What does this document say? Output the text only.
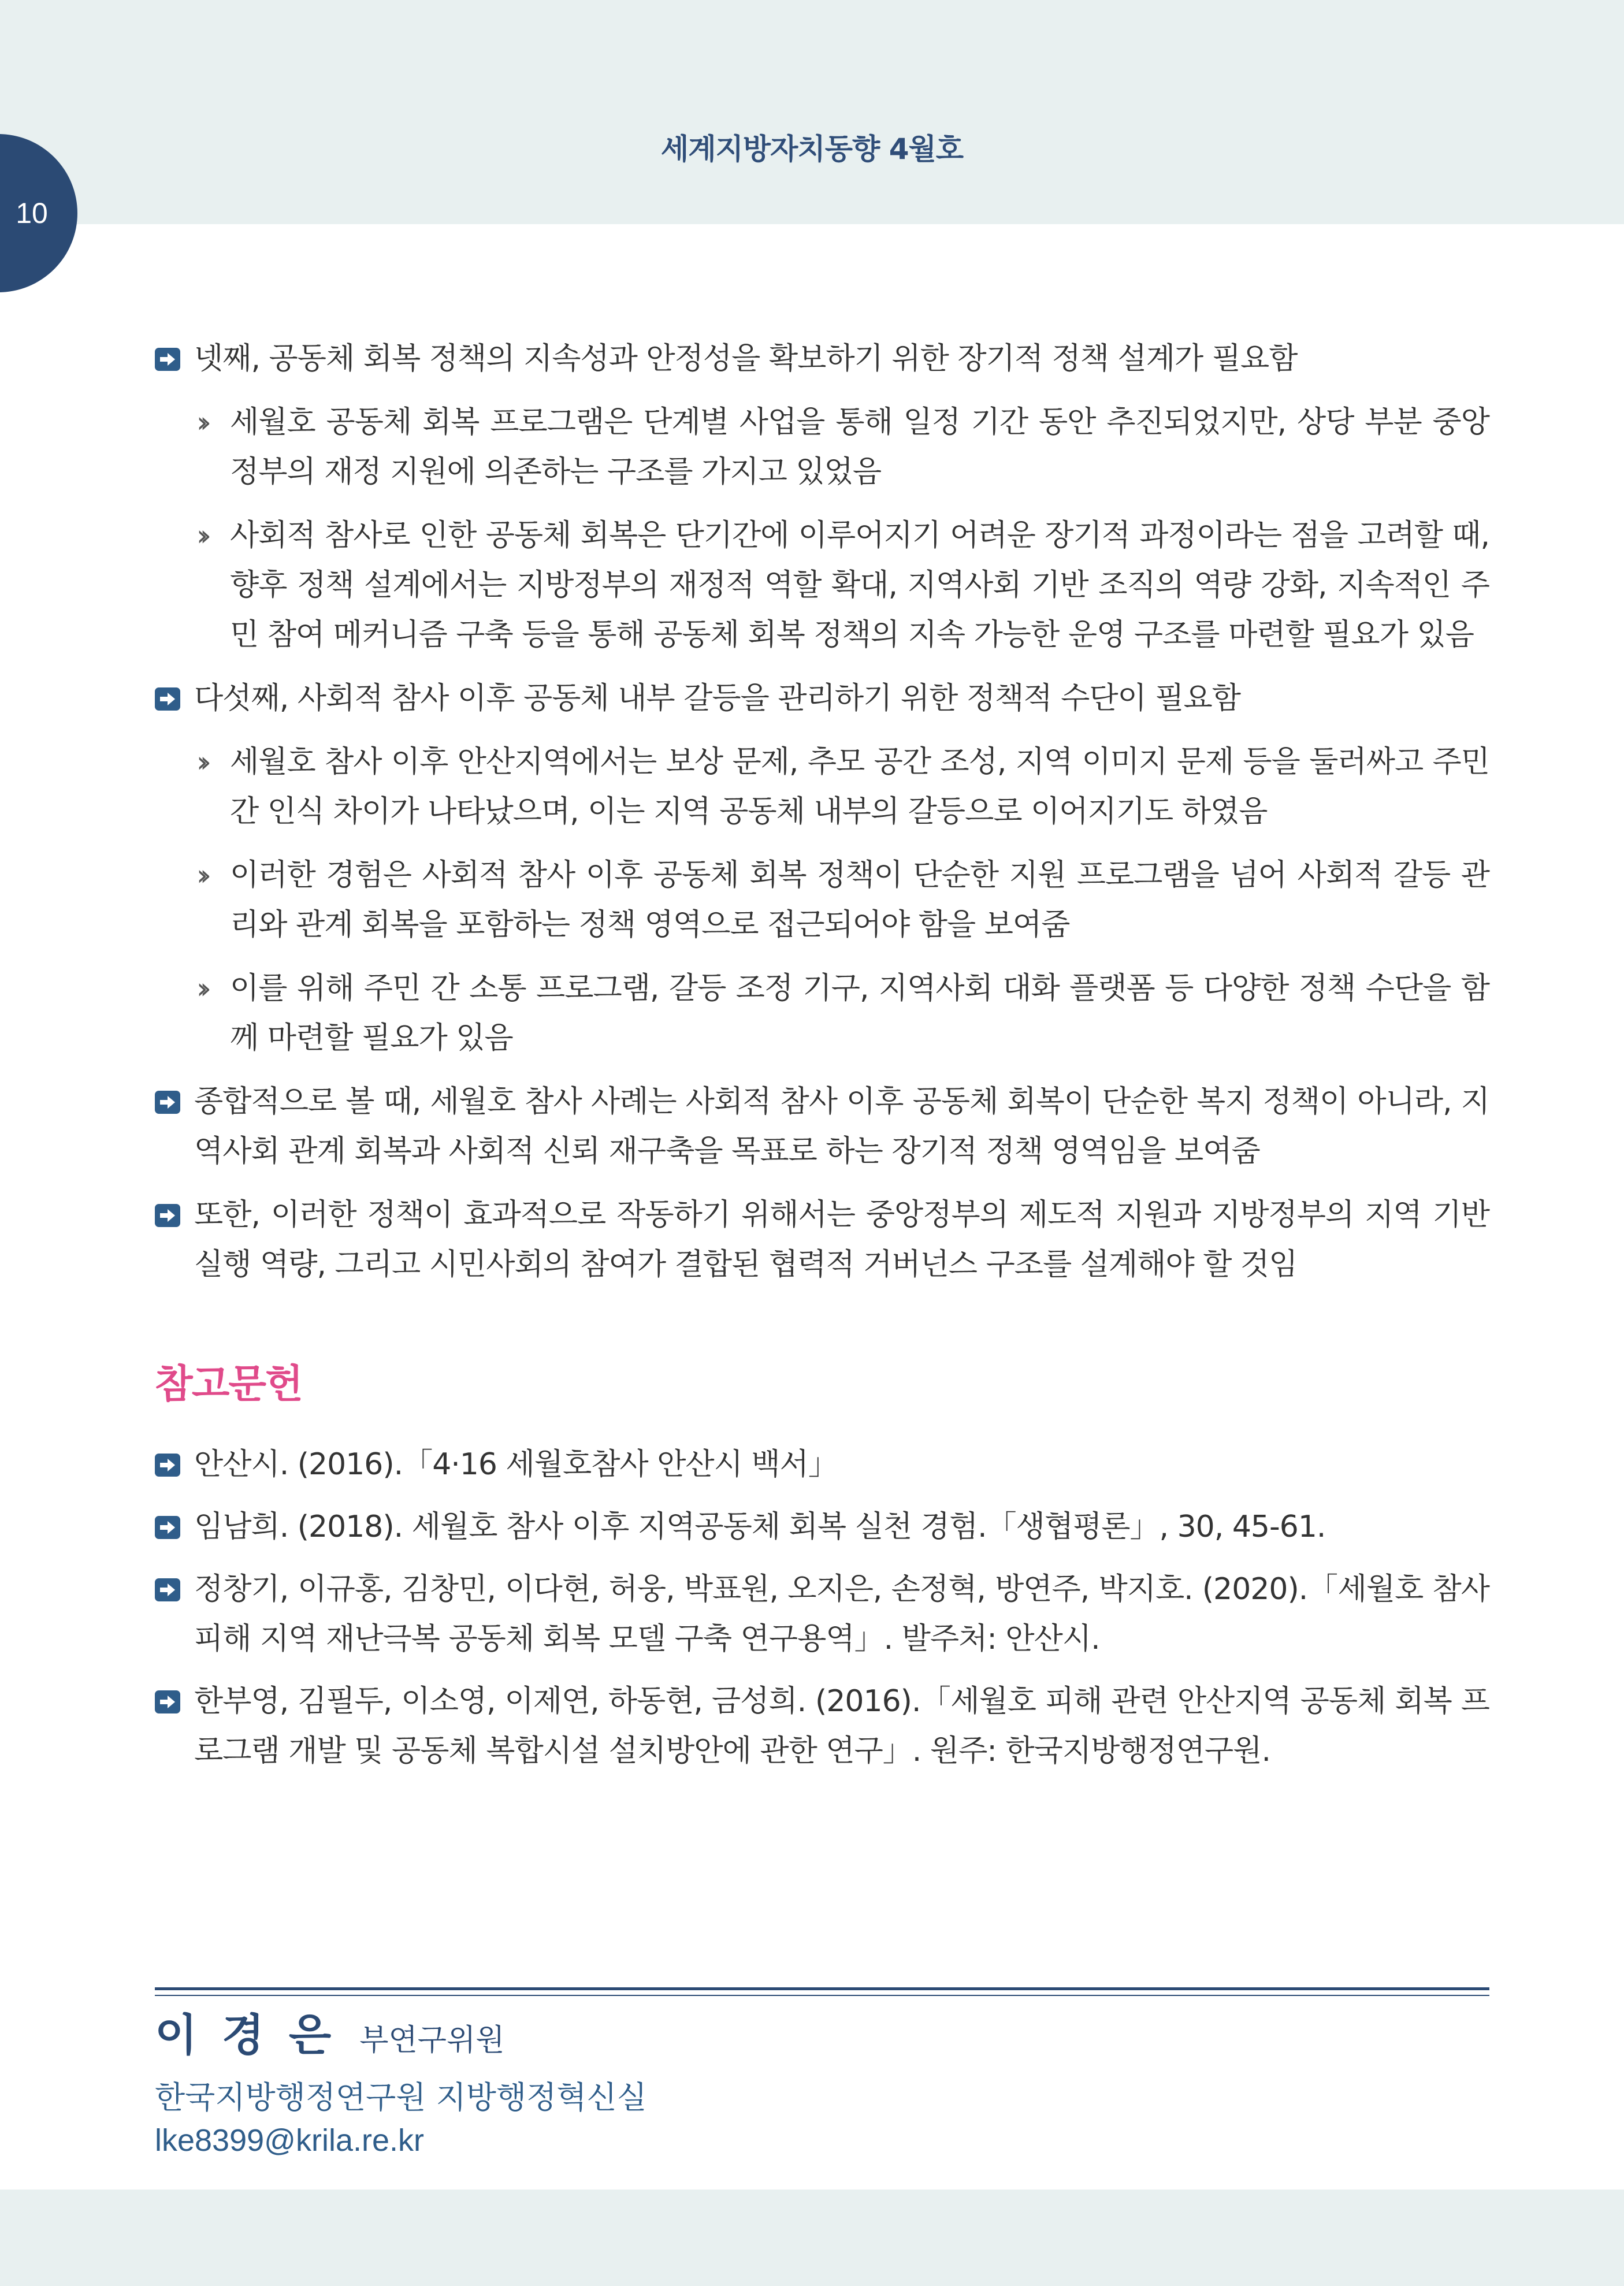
세계지방자치동향 4월호
10
넷째, 공동체 회복 정책의 지속성과 안정성을 확보하기 위한 장기적 정책 설계가 필요함
›› 세월호 공동체 회복 프로그램은 단계별 사업을 통해 일정 기간 동안 추진되었지만, 상당 부분 중앙정부의 재정 지원에 의존하는 구조를 가지고 있었음
›› 사회적 참사로 인한 공동체 회복은 단기간에 이루어지기 어려운 장기적 과정이라는 점을 고려할 때, 향후 정책 설계에서는 지방정부의 재정적 역할 확대, 지역사회 기반 조직의 역량 강화, 지속적인 주민 참여 메커니즘 구축 등을 통해 공동체 회복 정책의 지속 가능한 운영 구조를 마련할 필요가 있음
다섯째, 사회적 참사 이후 공동체 내부 갈등을 관리하기 위한 정책적 수단이 필요함
›› 세월호 참사 이후 안산지역에서는 보상 문제, 추모 공간 조성, 지역 이미지 문제 등을 둘러싸고 주민 간 인식 차이가 나타났으며, 이는 지역 공동체 내부의 갈등으로 이어지기도 하였음
›› 이러한 경험은 사회적 참사 이후 공동체 회복 정책이 단순한 지원 프로그램을 넘어 사회적 갈등 관리와 관계 회복을 포함하는 정책 영역으로 접근되어야 함을 보여줌
›› 이를 위해 주민 간 소통 프로그램, 갈등 조정 기구, 지역사회 대화 플랫폼 등 다양한 정책 수단을 함께 마련할 필요가 있음
종합적으로 볼 때, 세월호 참사 사례는 사회적 참사 이후 공동체 회복이 단순한 복지 정책이 아니라, 지역사회 관계 회복과 사회적 신뢰 재구축을 목표로 하는 장기적 정책 영역임을 보여줌
또한, 이러한 정책이 효과적으로 작동하기 위해서는 중앙정부의 제도적 지원과 지방정부의 지역 기반 실행 역량, 그리고 시민사회의 참여가 결합된 협력적 거버넌스 구조를 설계해야 할 것임
참고문헌
안산시. (2016).「4·16 세월호참사 안산시 백서」
임남희. (2018). 세월호 참사 이후 지역공동체 회복 실천 경험.「생협평론」, 30, 45-61.
정창기, 이규홍, 김창민, 이다현, 허웅, 박표원, 오지은, 손정혁, 방연주, 박지호. (2020).「세월호 참사 피해 지역 재난극복 공동체 회복 모델 구축 연구용역」. 발주처: 안산시.
한부영, 김필두, 이소영, 이제연, 하동현, 금성희. (2016).「세월호 피해 관련 안산지역 공동체 회복 프로그램 개발 및 공동체 복합시설 설치방안에 관한 연구」. 원주: 한국지방행정연구원.
이 경 은 부연구위원
한국지방행정연구원 지방행정혁신실
lke8399@krila.re.kr
